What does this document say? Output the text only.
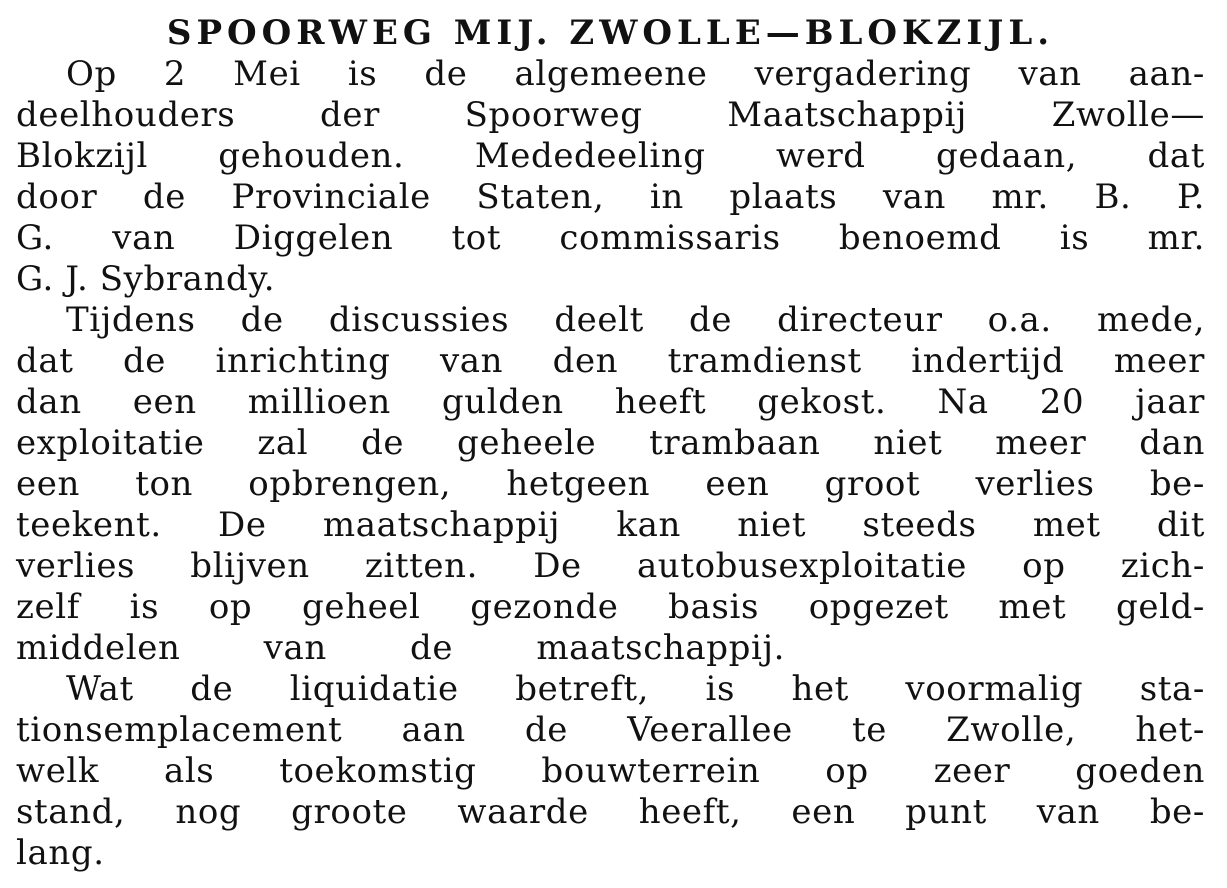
SPOORWEG MIJ. ZWOLLE—BLOKZIJL.
Op 2 Mei is de algemeene vergadering van aan-
deelhouders der Spoorweg Maatschappij Zwolle—
Blokzijl gehouden. Mededeeling werd gedaan, dat
door de Provinciale Staten, in plaats van mr. B. P.
G. van Diggelen tot commissaris benoemd is mr.
G. J. Sybrandy.
Tijdens de discussies deelt de directeur o.a. mede,
dat de inrichting van den tramdienst indertijd meer
dan een millioen gulden heeft gekost. Na 20 jaar
exploitatie zal de geheele trambaan niet meer dan
een ton opbrengen, hetgeen een groot verlies be-
teekent. De maatschappij kan niet steeds met dit
verlies blijven zitten. De autobusexploitatie op zich-
zelf is op geheel gezonde basis opgezet met geld-
middelen van de maatschappij.
Wat de liquidatie betreft, is het voormalig sta-
tionsemplacement aan de Veerallee te Zwolle, het-
welk als toekomstig bouwterrein op zeer goeden
stand, nog groote waarde heeft, een punt van be-
lang.
